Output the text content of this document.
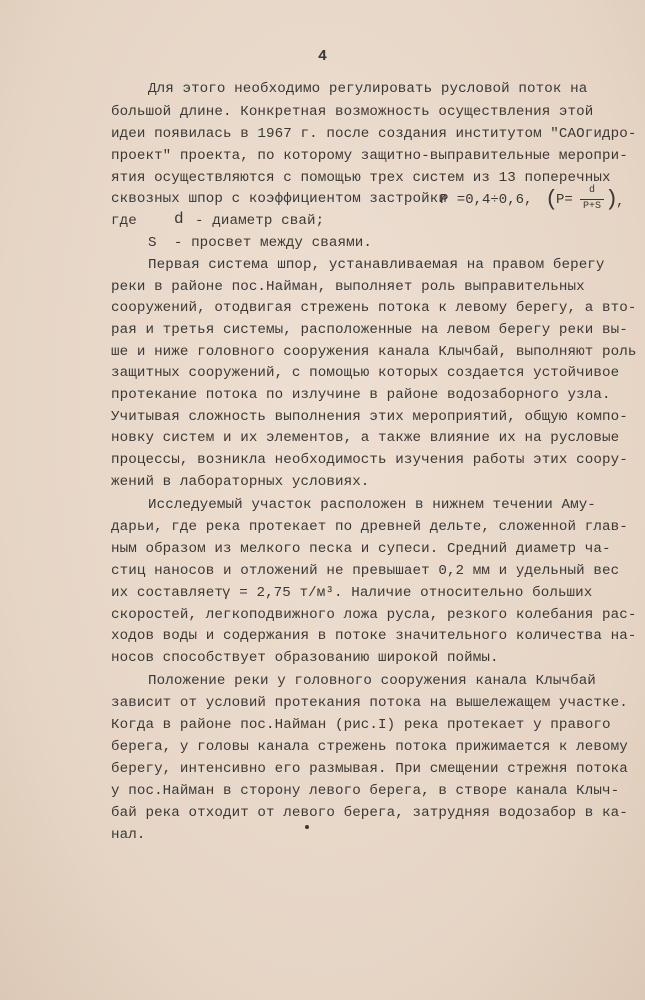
4
Для этого необходимо регулировать русловой поток на
большой длине. Конкретная возможность осуществления этой
идеи появилась в 1967 г. после создания институтом "САОгидро-
проект" проекта, по которому защитно-выправительные меропри-
ятия осуществляются с помощью трех систем из 13 поперечных
сквозных шпор с коэффициентом застройки
P =0,4÷0,6, (
P=
d
P+S )
,
где d - диаметр свай;
S  - просвет между сваями.
Первая система шпор, устанавливаемая на правом берегу
реки в районе пос.Найман, выполняет роль выправительных
сооружений, отодвигая стрежень потока к левому берегу, а вто-
рая и третья системы, расположенные на левом берегу реки вы-
ше и ниже головного сооружения канала Клычбай, выполняют роль
защитных сооружений, с помощью которых создается устойчивое
протекание потока по излучине в районе водозаборного узла.
Учитывая сложность выполнения этих мероприятий, общую компо-
новку систем и их элементов, а также влияние их на русловые
процессы, возникла необходимость изучения работы этих соору-
жений в лабораторных условиях.
Исследуемый участок расположен в нижнем течении Аму-
дарьи, где река протекает по древней дельте, сложенной глав-
ным образом из мелкого песка и супеси. Средний диаметр ча-
стиц наносов и отложений не превышает 0,2 мм и удельный вес
их составляет γ = 2,75 т/м³. Наличие относительно больших
скоростей, легкоподвижного ложа русла, резкого колебания рас-
ходов воды и содержания в потоке значительного количества на-
носов способствует образованию широкой поймы.
Положение реки у головного сооружения канала Клычбай
зависит от условий протекания потока на вышележащем участке.
Когда в районе пос.Найман (рис.I) река протекает у правого
берега, у головы канала стрежень потока прижимается к левому
берегу, интенсивно его размывая. При смещении стрежня потока
у пос.Найман в сторону левого берега, в створе канала Клыч-
бай река отходит от левого берега, затрудняя водозабор в ка-
нал.
